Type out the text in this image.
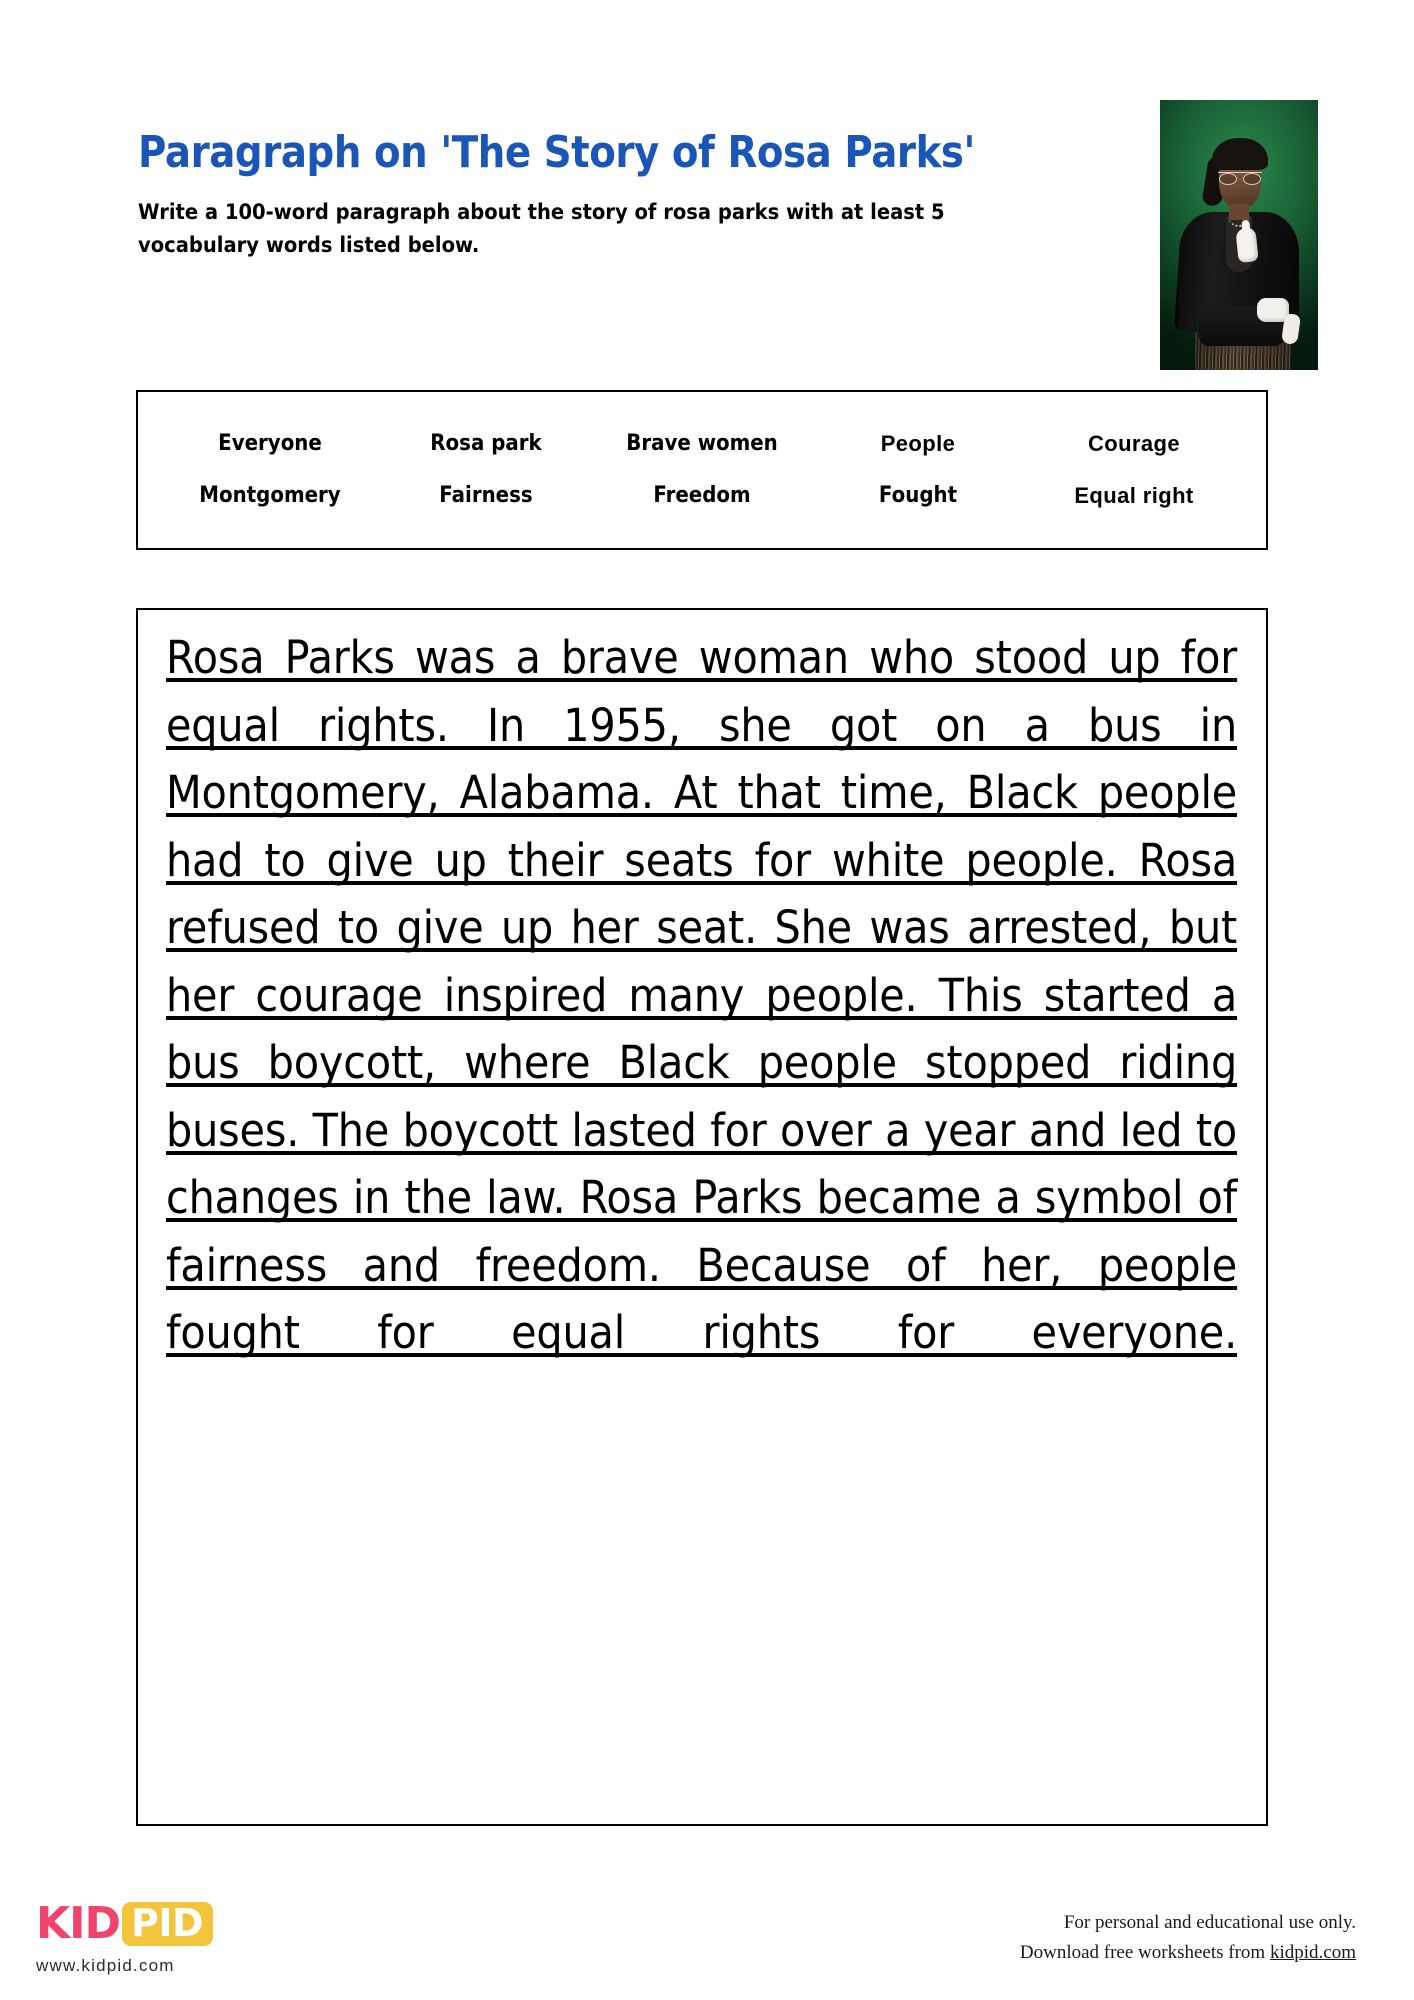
Paragraph on 'The Story of Rosa Parks'
Write a 100-word paragraph about the story of rosa parks with at least 5 vocabulary words listed below.
Everyone	Rosa park	Brave women	People	Courage
Montgomery	Fairness	Freedom	Fought	Equal right
Rosa Parks was a brave woman who stood up for equal rights. In 1955, she got on a bus in Montgomery, Alabama. At that time, Black people had to give up their seats for white people. Rosa refused to give up her seat. She was arrested, but her courage inspired many people. This started a bus boycott, where Black people stopped riding buses. The boycott lasted for over a year and led to changes in the law. Rosa Parks became a symbol of fairness and freedom. Because of her, people fought for equal rights for everyone.
KID PID
www.kidpid.com
For personal and educational use only.
Download free worksheets from kidpid.com
